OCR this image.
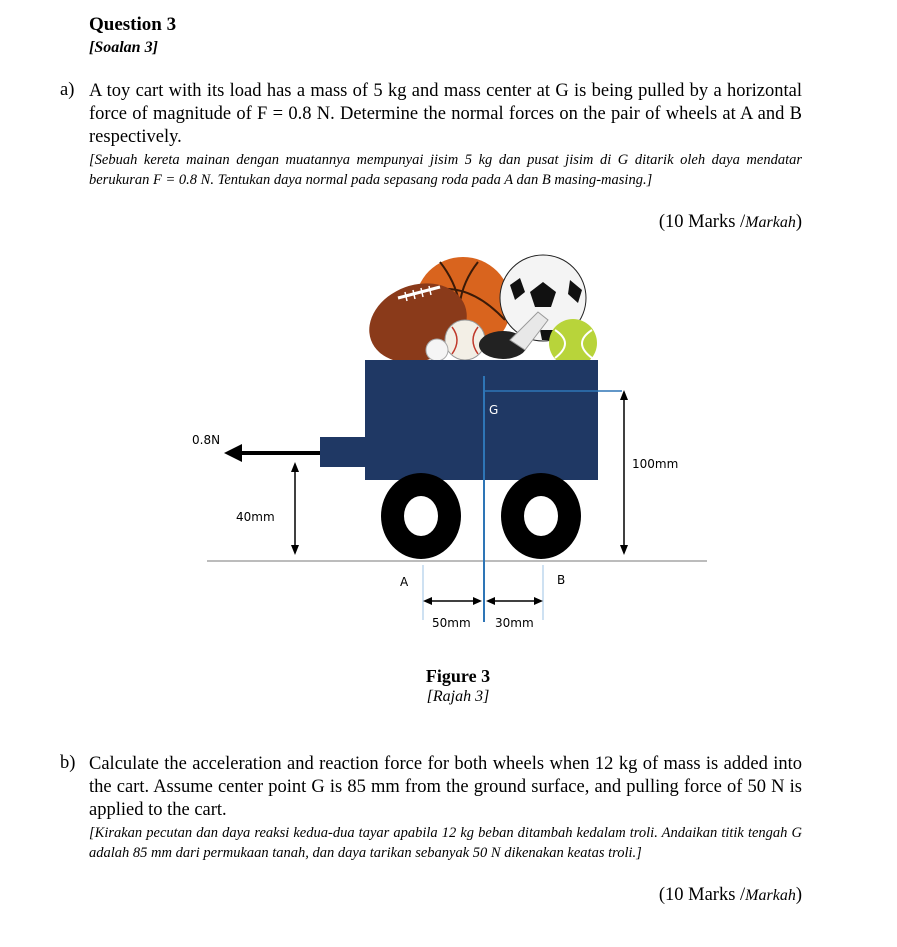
Question 3
[Soalan 3]
a) A toy cart with its load has a mass of 5 kg and mass center at G is being pulled by a horizontal force of magnitude of F = 0.8 N. Determine the normal forces on the pair of wheels at A and B respectively.
[Sebuah kereta mainan dengan muatannya mempunyai jisim 5 kg dan pusat jisim di G ditarik oleh daya mendatar berukuran F = 0.8 N. Tentukan daya normal pada sepasang roda pada A dan B masing-masing.]
(10 Marks /Markah)
0.8N
40mm
G
100mm
A	B
50mm 30mm
Figure 3
[Rajah 3]
b) Calculate the acceleration and reaction force for both wheels when 12 kg of mass is added into the cart. Assume center point G is 85 mm from the ground surface, and pulling force of 50 N is applied to the cart.
[Kirakan pecutan dan daya reaksi kedua-dua tayar apabila 12 kg beban ditambah kedalam troli. Andaikan titik tengah G adalah 85 mm dari permukaan tanah, dan daya tarikan sebanyak 50 N dikenakan keatas troli.]
(10 Marks /Markah)
